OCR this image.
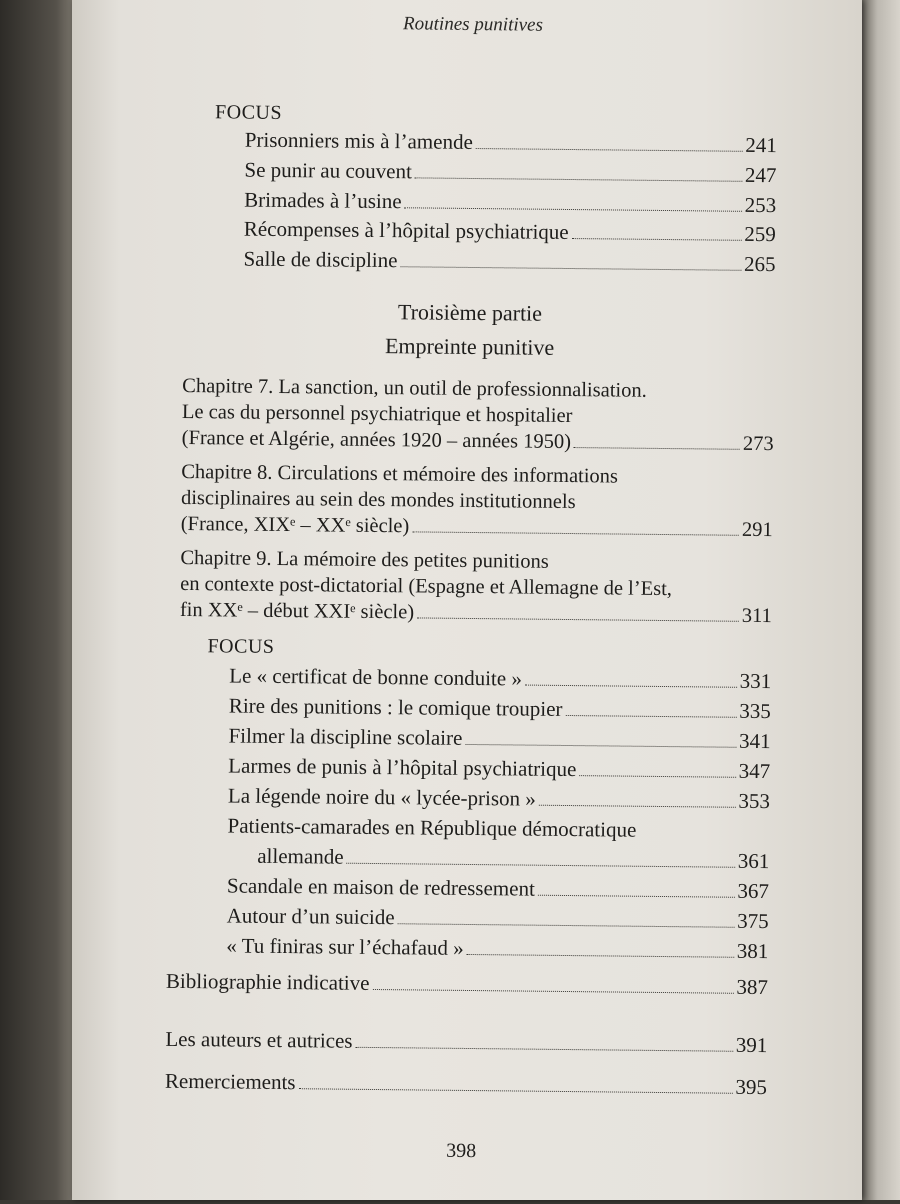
Routines punitives
FOCUS
Prisonniers mis à l’amende	241
Se punir au couvent	247
Brimades à l’usine	253
Récompenses à l’hôpital psychiatrique	259
Salle de discipline	265
Troisième partie
Empreinte punitive
Chapitre 7. La sanction, un outil de professionnalisation.
Le cas du personnel psychiatrique et hospitalier
(France et Algérie, années 1920 – années 1950)	273
Chapitre 8. Circulations et mémoire des informations
disciplinaires au sein des mondes institutionnels
(France, XIXᵉ – XXᵉ siècle)	291
Chapitre 9. La mémoire des petites punitions
en contexte post-dictatorial (Espagne et Allemagne de l’Est,
fin XXᵉ – début XXIᵉ siècle)	311
FOCUS
Le « certificat de bonne conduite »	331
Rire des punitions : le comique troupier	335
Filmer la discipline scolaire	341
Larmes de punis à l’hôpital psychiatrique	347
La légende noire du « lycée-prison »	353
Patients-camarades en République démocratique
allemande	361
Scandale en maison de redressement	367
Autour d’un suicide	375
« Tu finiras sur l’échafaud »	381
Bibliographie indicative	387
Les auteurs et autrices	391
Remerciements	395
398
